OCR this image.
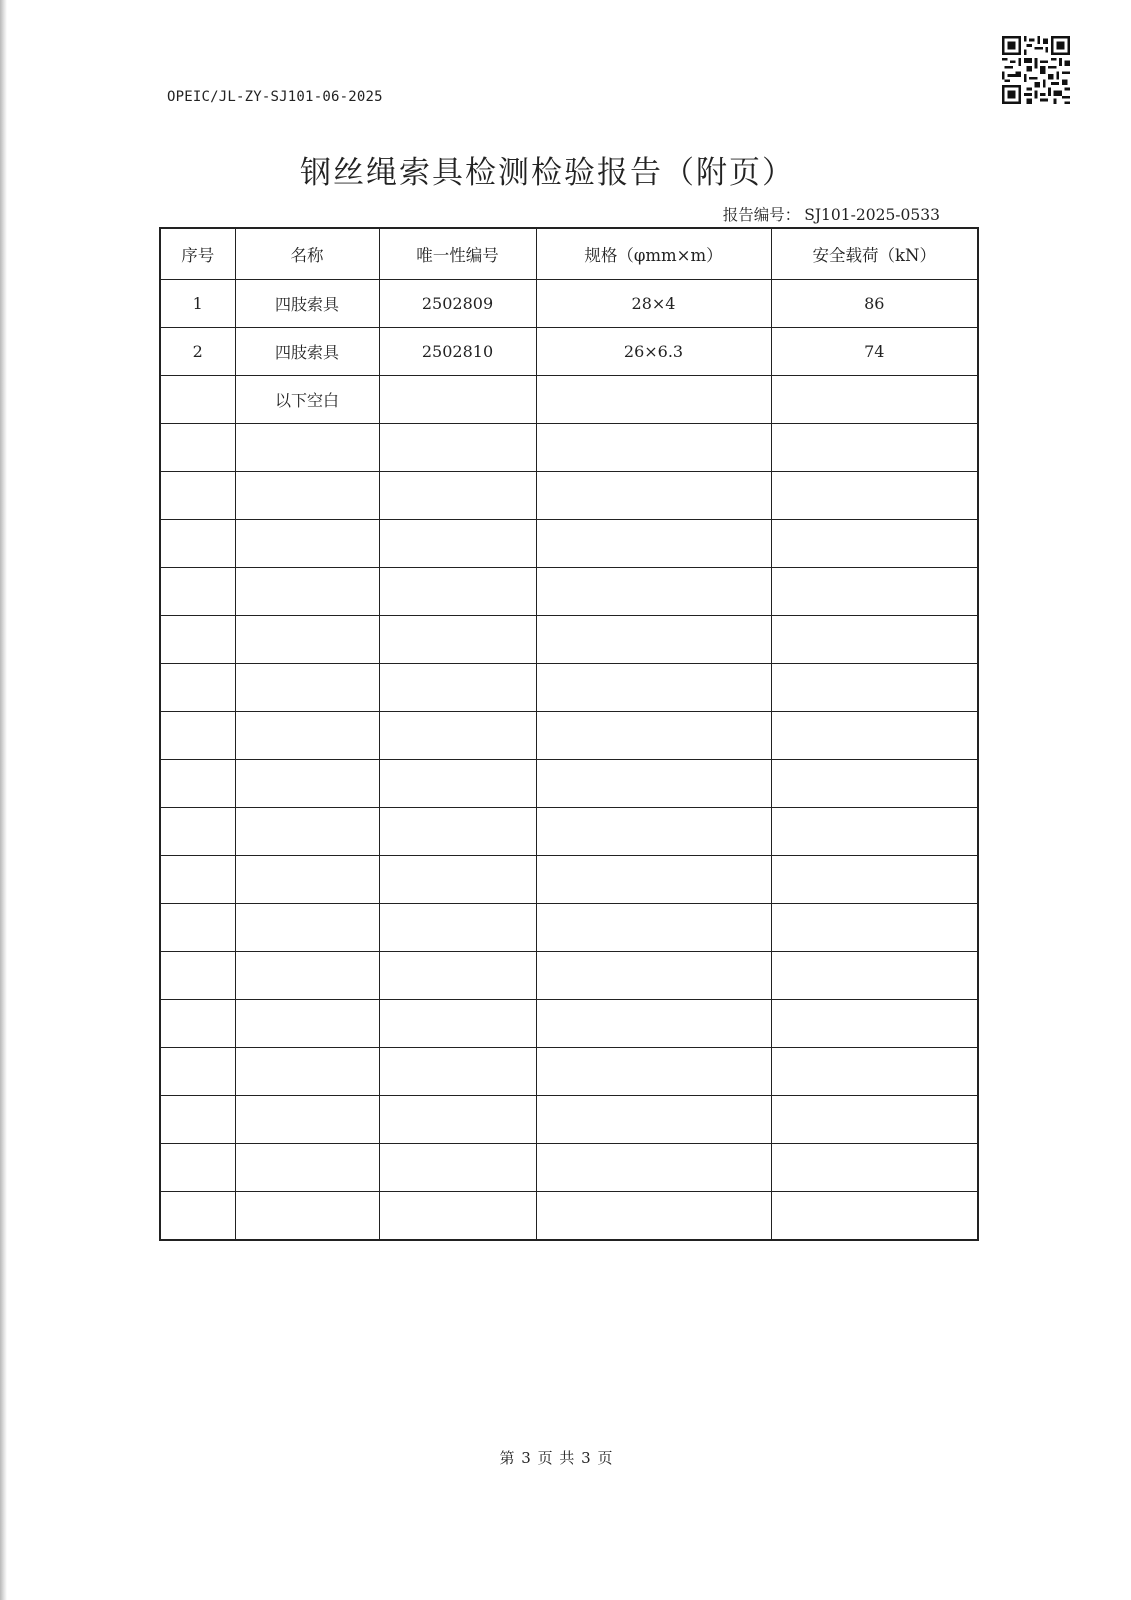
OPEIC/JL-ZY-SJ101-06-2025
钢丝绳索具检测检验报告（附页）
报告编号： SJ101-2025-0533
序号	名称	唯一性编号	规格（φmm×m）	安全载荷（kN）
1	四肢索具	2502809	28×4	86
2	四肢索具	2502810	26×6.3	74
	以下空白			

第 3 页 共 3 页
